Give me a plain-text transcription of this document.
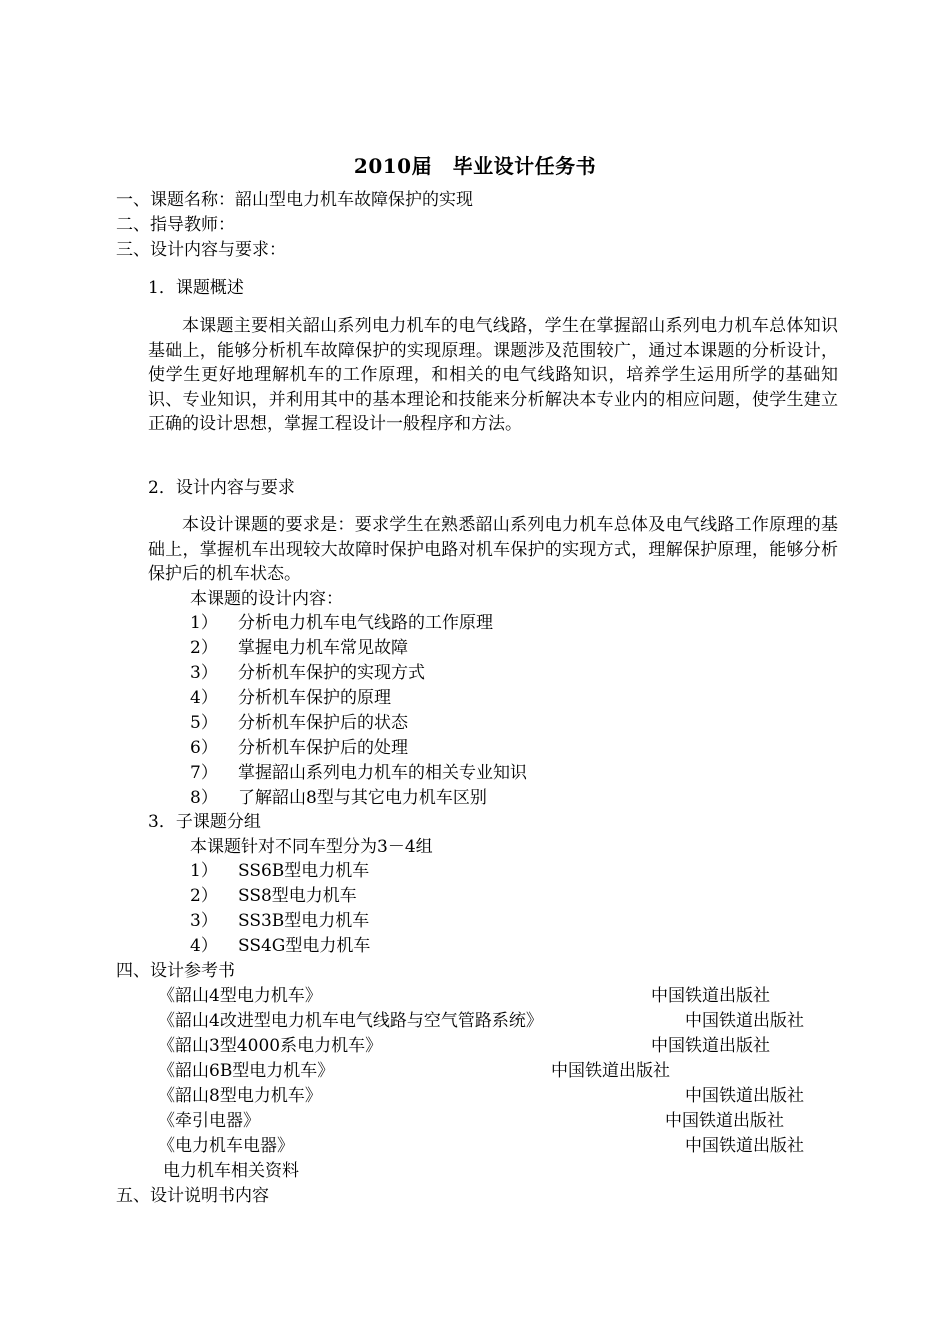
2010届　毕业设计任务书
一、课题名称：韶山型电力机车故障保护的实现
二、指导教师：
三、设计内容与要求：
1．课题概述
本课题主要相关韶山系列电力机车的电气线路，学生在掌握韶山系列电力机车总体知识基础上，能够分析机车故障保护的实现原理。课题涉及范围较广，通过本课题的分析设计，使学生更好地理解机车的工作原理，和相关的电气线路知识，培养学生运用所学的基础知识、专业知识，并利用其中的基本理论和技能来分析解决本专业内的相应问题，使学生建立正确的设计思想，掌握工程设计一般程序和方法。
2．设计内容与要求
本设计课题的要求是：要求学生在熟悉韶山系列电力机车总体及电气线路工作原理的基础上，掌握机车出现较大故障时保护电路对机车保护的实现方式，理解保护原理，能够分析保护后的机车状态。
本课题的设计内容：
1） 分析电力机车电气线路的工作原理
2） 掌握电力机车常见故障
3） 分析机车保护的实现方式
4） 分析机车保护的原理
5） 分析机车保护后的状态
6） 分析机车保护后的处理
7） 掌握韶山系列电力机车的相关专业知识
8） 了解韶山8型与其它电力机车区别
3．子课题分组
本课题针对不同车型分为3－4组
1） SS6B型电力机车
2） SS8型电力机车
3） SS3B型电力机车
4） SS4G型电力机车
四、设计参考书
《韶山4型电力机车》	中国铁道出版社
《韶山4改进型电力机车电气线路与空气管路系统》	中国铁道出版社
《韶山3型4000系电力机车》	中国铁道出版社
《韶山6B型电力机车》	中国铁道出版社
《韶山8型电力机车》	中国铁道出版社
《牵引电器》	中国铁道出版社
《电力机车电器》	中国铁道出版社
电力机车相关资料
五、设计说明书内容
